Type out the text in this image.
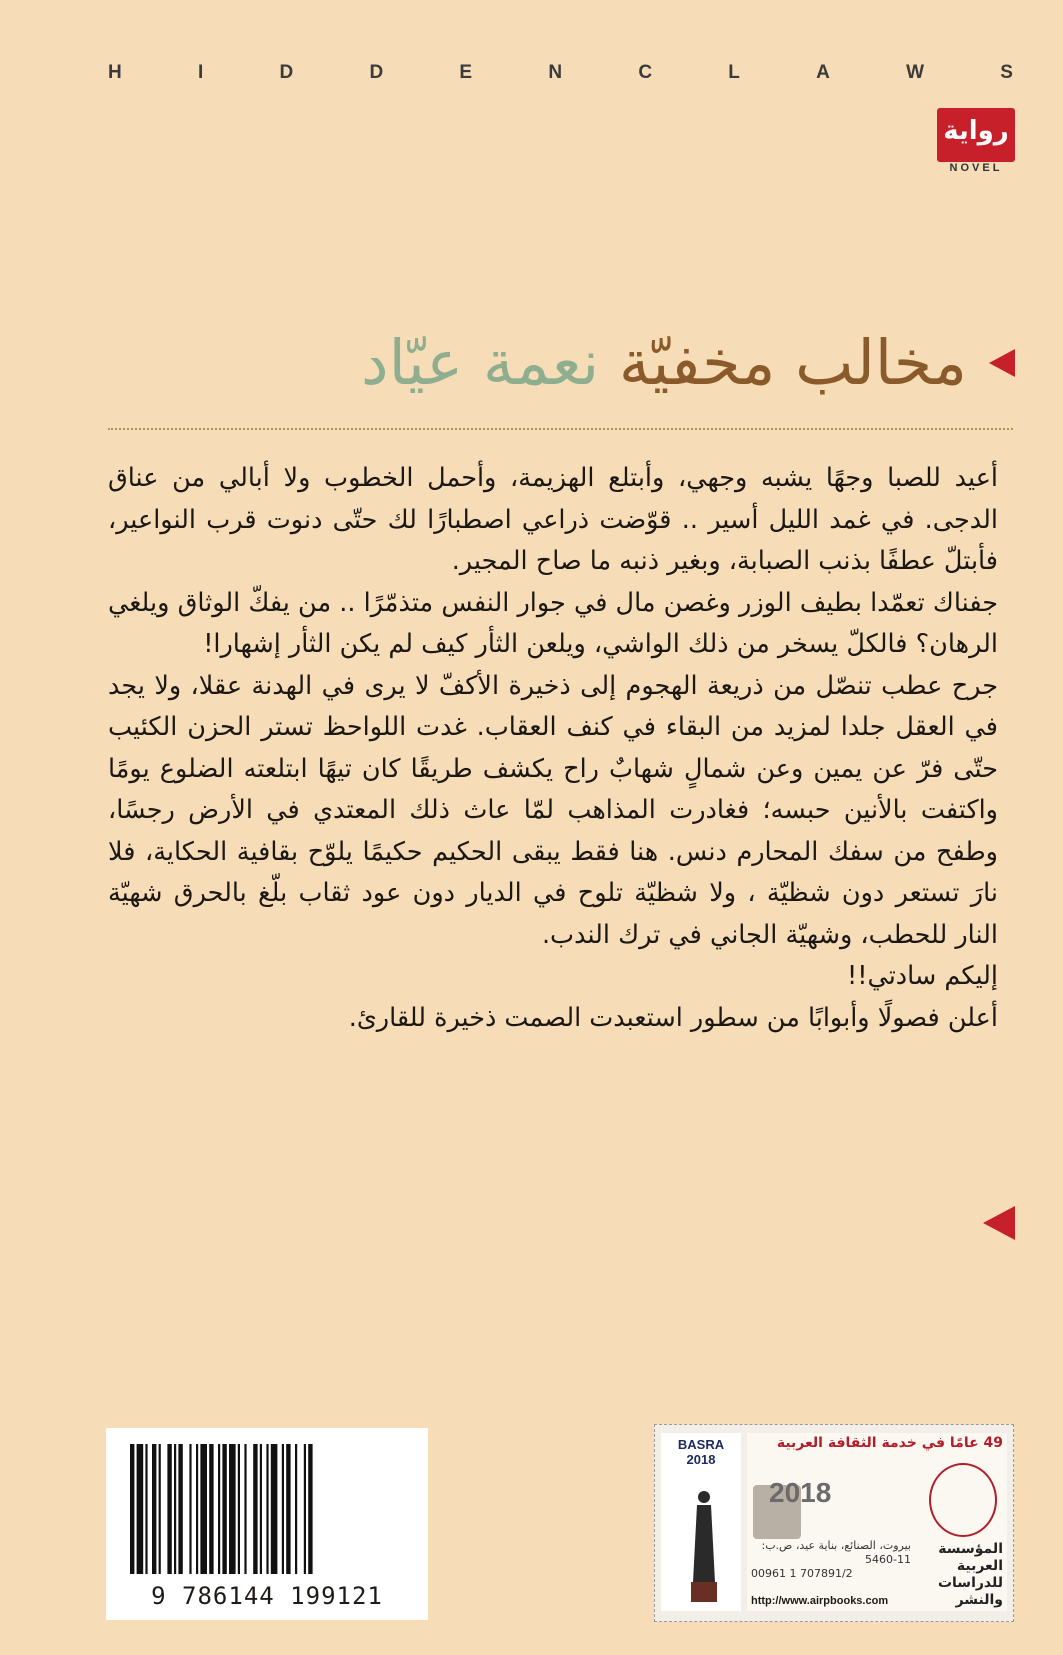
H	I	D	D	E	N	C	L	A	W	S
رواية
NOVEL
مخالب مخفيّة نعمة عيّاد

أعيد للصبا وجهًا يشبه وجهي، وأبتلع الهزيمة، وأحمل الخطوب ولا أبالي من عناق الدجى. في غمد الليل أسير .. قوّضت ذراعي اصطبارًا لك حتّى دنوت قرب النواعير، فأبتلّ عطفًا بذنب الصبابة، وبغير ذنبه ما صاح المجير.

جفناك تعمّدا بطيف الوزر وغصن مال في جوار النفس متذمّرًا .. من يفكّ الوثاق ويلغي الرهان؟ فالكلّ يسخر من ذلك الواشي، ويلعن الثأر كيف لم يكن الثأر إشهارا!

جرح عطب تنصّل من ذريعة الهجوم إلى ذخيرة الأكفّ لا يرى في الهدنة عقلا، ولا يجد في العقل جلدا لمزيد من البقاء في كنف العقاب. غدت اللواحظ تستر الحزن الكئيب حتّى فرّ عن يمين وعن شمالٍ شهابٌ راح يكشف طريقًا كان تيهًا ابتلعته الضلوع يومًا واكتفت بالأنين حبسه؛ فغادرت المذاهب لمّا عاث ذلك المعتدي في الأرض رجسًا، وطفح من سفك المحارم دنس. هنا فقط يبقى الحكيم حكيمًا يلوّح بقافية الحكاية، فلا نارَ تستعر دون شظيّة ، ولا شظيّة تلوح في الديار دون عود ثقاب بلّغ بالحرق شهيّة النار للحطب، وشهيّة الجاني في ترك الندب.

إليكم سادتي!!

أعلن فصولًا وأبوابًا من سطور استعبدت الصمت ذخيرة للقارئ.

9 786144 199121
BASRA
2018
49 عامًا في خدمة الثقافة العربية
2018
المؤسسة العربية للدراسات والنشر
بيروت، الصنائع، بناية عيد، ص.ب: 11-5460
00961 1 707891/2
http://www.airpbooks.com
